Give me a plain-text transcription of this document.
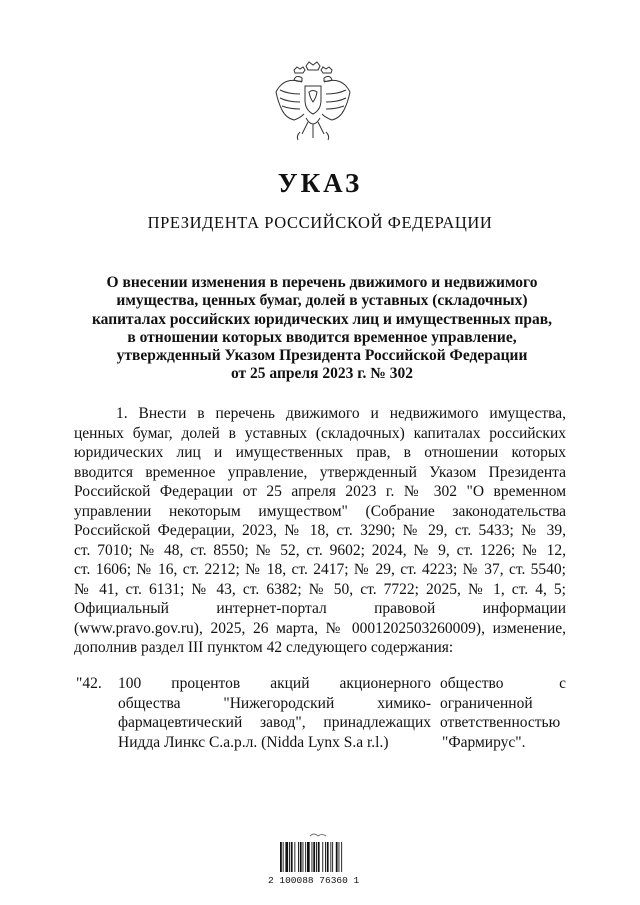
УКАЗ
ПРЕЗИДЕНТА РОССИЙСКОЙ ФЕДЕРАЦИИ
О внесении изменения в перечень движимого и недвижимого
имущества, ценных бумаг, долей в уставных (складочных)
капиталах российских юридических лиц и имущественных прав,
в отношении которых вводится временное управление,
утвержденный Указом Президента Российской Федерации
от 25 апреля 2023 г. № 302
1. Внести в перечень движимого и недвижимого имущества,
ценных бумаг, долей в уставных (складочных) капиталах российских
юридических лиц и имущественных прав, в отношении которых
вводится временное управление, утвержденный Указом Президента
Российской Федерации от 25 апреля 2023 г. № 302 "О временном
управлении некоторым имуществом" (Собрание законодательства
Российской Федерации, 2023, № 18, ст. 3290; № 29, ст. 5433; № 39,
ст. 7010; № 48, ст. 8550; № 52, ст. 9602; 2024, № 9, ст. 1226; № 12,
ст. 1606; № 16, ст. 2212; № 18, ст. 2417; № 29, ст. 4223; № 37, ст. 5540;
№ 41, ст. 6131; № 43, ст. 6382; № 50, ст. 7722; 2025, № 1, ст. 4, 5;
Официальный интернет-портал правовой информации
(www.pravo.gov.ru), 2025, 26 марта, № 0001202503260009), изменение,
дополнив раздел III пунктом 42 следующего содержания:
"42. 100 процентов акций акционерного
общества "Нижегородский химико-
фармацевтический завод", принадлежащих
Нидда Линкс С.а.р.л. (Nidda Lynx S.a r.l.)
общество с
ограниченной
ответственностью
"Фармирус".
2 100088 76360 1
